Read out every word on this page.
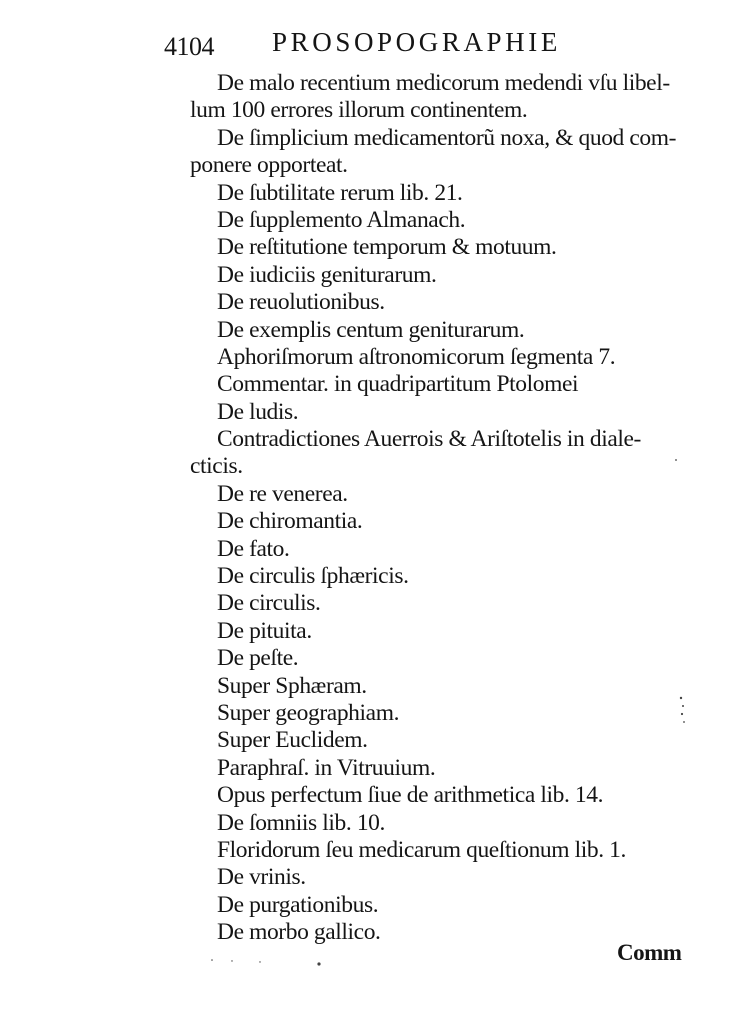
4104 PROSOPOGRAPHIE
De malo recentium medicorum medendi vſu libel-
lum 100 errores illorum continentem.
De ſimplicium medicamentorũ noxa, & quod com-
ponere opporteat.
De ſubtilitate rerum lib. 21.
De ſupplemento Almanach.
De reſtitutione temporum & motuum.
De iudiciis geniturarum.
De reuolutionibus.
De exemplis centum geniturarum.
Aphoriſmorum aſtronomicorum ſegmenta 7.
Commentar. in quadripartitum Ptolomei
De ludis.
Contradictiones Auerrois & Ariſtotelis in diale-
cticis.
De re venerea.
De chiromantia.
De fato.
De circulis ſphæricis.
De circulis.
De pituita.
De peſte.
Super Sphæram.
Super geographiam.
Super Euclidem.
Paraphraſ. in Vitruuium.
Opus perfectum ſiue de arithmetica lib. 14.
De ſomniis lib. 10.
Floridorum ſeu medicarum queſtionum lib. 1.
De vrinis.
De purgationibus.
De morbo gallico.
Comm
